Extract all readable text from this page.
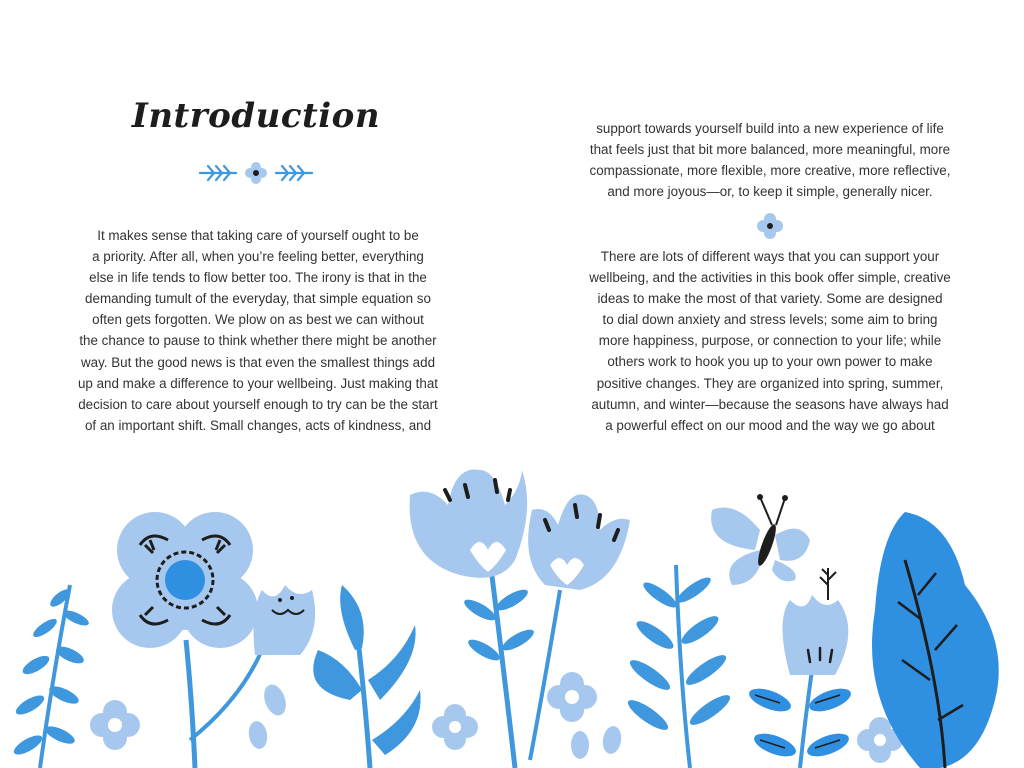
Introduction

It makes sense that taking care of yourself ought to be
a priority. After all, when you’re feeling better, everything
else in life tends to flow better too. The irony is that in the
demanding tumult of the everyday, that simple equation so
often gets forgotten. We plow on as best we can without
the chance to pause to think whether there might be another
way. But the good news is that even the smallest things add
up and make a difference to your wellbeing. Just making that
decision to care about yourself enough to try can be the start
of an important shift. Small changes, acts of kindness, and

support towards yourself build into a new experience of life
that feels just that bit more balanced, more meaningful, more
compassionate, more flexible, more creative, more reflective,
and more joyous—or, to keep it simple, generally nicer.

There are lots of different ways that you can support your
wellbeing, and the activities in this book offer simple, creative
ideas to make the most of that variety. Some are designed
to dial down anxiety and stress levels; some aim to bring
more happiness, purpose, or connection to your life; while
others work to hook you up to your own power to make
positive changes. They are organized into spring, summer,
autumn, and winter—because the seasons have always had
a powerful effect on our mood and the way we go about
